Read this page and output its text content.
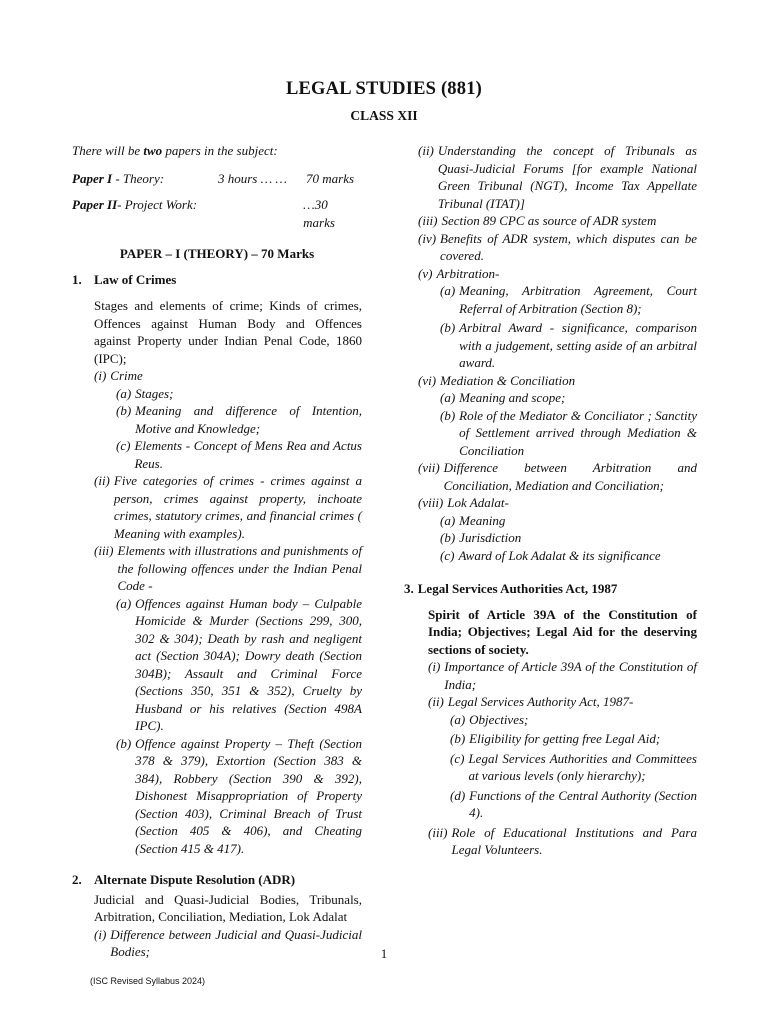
LEGAL STUDIES (881)
CLASS XII

There will be two papers in the subject:

Paper I - Theory:	3 hours … …	70 marks
Paper II- Project Work:	…30 marks
PAPER – I (THEORY) – 70 Marks
1. Law of Crimes
Stages and elements of crime; Kinds of crimes, Offences against Human Body and Offences against Property under Indian Penal Code, 1860 (IPC);
(i) Crime
(a) Stages;
(b) Meaning and difference of Intention, Motive and Knowledge;
(c) Elements - Concept of Mens Rea and Actus Reus.
(ii) Five categories of crimes - crimes against a person, crimes against property, inchoate crimes, statutory crimes, and financial crimes ( Meaning with examples).
(iii) Elements with illustrations and punishments of the following offences under the Indian Penal Code -
(a) Offences against Human body – Culpable Homicide & Murder (Sections 299, 300, 302 & 304); Death by rash and negligent act (Section 304A); Dowry death (Section 304B); Assault and Criminal Force (Sections 350, 351 & 352), Cruelty by Husband or his relatives (Section 498A IPC).
(b) Offence against Property – Theft (Section 378 & 379), Extortion (Section 383 & 384), Robbery (Section 390 & 392), Dishonest Misappropriation of Property (Section 403), Criminal Breach of Trust (Section 405 & 406), and Cheating (Section 415 & 417).
2. Alternate Dispute Resolution (ADR)
Judicial and Quasi-Judicial Bodies, Tribunals, Arbitration, Conciliation, Mediation, Lok Adalat
(i) Difference between Judicial and Quasi-Judicial Bodies;
(ii) Understanding the concept of Tribunals as Quasi-Judicial Forums [for example National Green Tribunal (NGT), Income Tax Appellate Tribunal (ITAT)]
(iii) Section 89 CPC as source of ADR system
(iv) Benefits of ADR system, which disputes can be covered.
(v) Arbitration-
(a) Meaning, Arbitration Agreement, Court Referral of Arbitration (Section 8);
(b) Arbitral Award - significance, comparison with a judgement, setting aside of an arbitral award.
(vi) Mediation & Conciliation
(a) Meaning and scope;
(b) Role of the Mediator & Conciliator ; Sanctity of Settlement arrived through Mediation & Conciliation
(vii) Difference between Arbitration and Conciliation, Mediation and Conciliation;
(viii) Lok Adalat-
(a) Meaning
(b) Jurisdiction
(c) Award of Lok Adalat & its significance
3. Legal Services Authorities Act, 1987
Spirit of Article 39A of the Constitution of India; Objectives; Legal Aid for the deserving sections of society.
(i) Importance of Article 39A of the Constitution of India;
(ii) Legal Services Authority Act, 1987-
(a) Objectives;
(b) Eligibility for getting free Legal Aid;
(c) Legal Services Authorities and Committees at various levels (only hierarchy);
(d) Functions of the Central Authority (Section 4).
(iii) Role of Educational Institutions and Para Legal Volunteers.
1
(ISC Revised Syllabus 2024)
